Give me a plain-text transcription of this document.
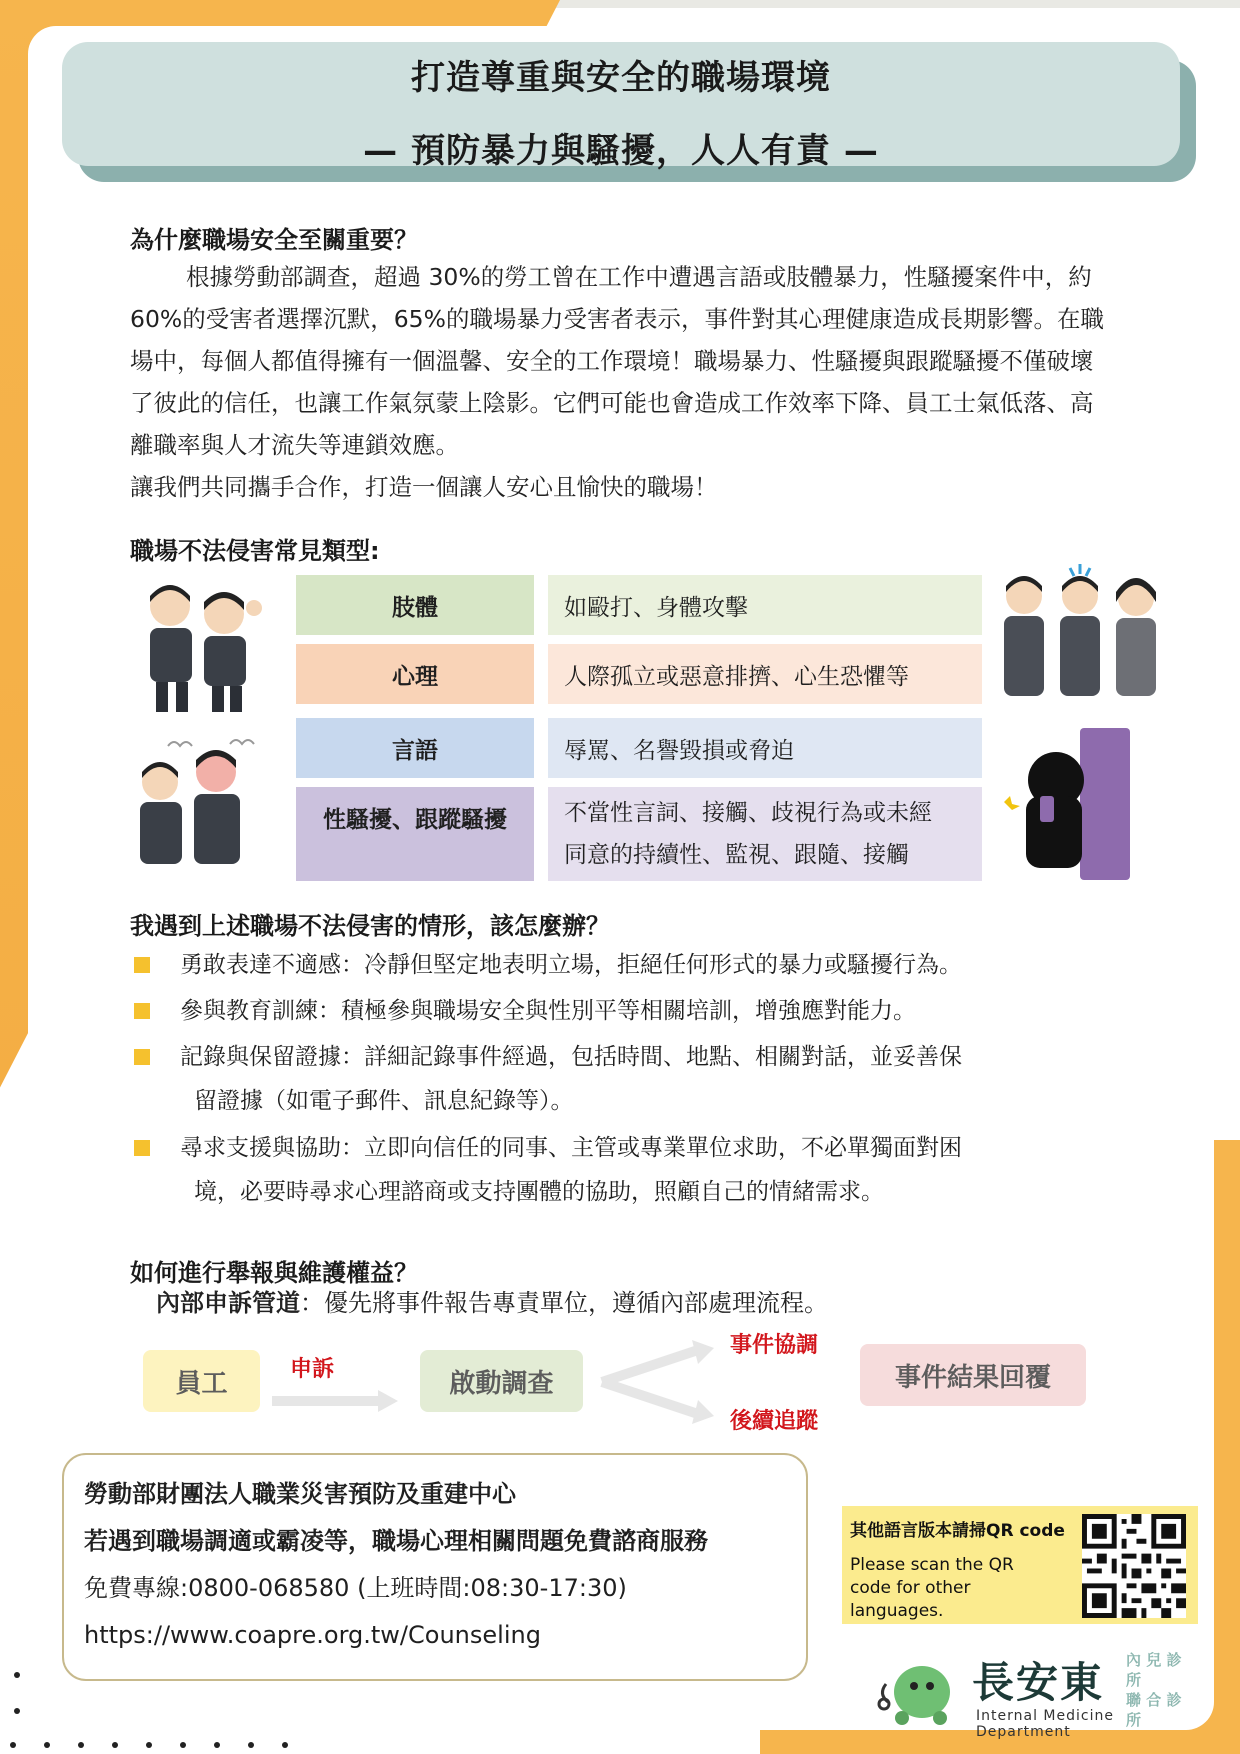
打造尊重與安全的職場環境
— 預防暴力與騷擾，人人有責 —
為什麼職場安全至關重要？
根據勞動部調查，超過 30%的勞工曾在工作中遭遇言語或肢體暴力，性騷擾案件中，約 60%的受害者選擇沉默，65%的職場暴力受害者表示，事件對其心理健康造成長期影響。在職場中，每個人都值得擁有一個溫馨、安全的工作環境！職場暴力、性騷擾與跟蹤騷擾不僅破壞了彼此的信任，也讓工作氣氛蒙上陰影。它們可能也會造成工作效率下降、員工士氣低落、高離職率與人才流失等連鎖效應。
讓我們共同攜手合作，打造一個讓人安心且愉快的職場！
職場不法侵害常見類型:
肢體	如毆打、身體攻擊
心理	人際孤立或惡意排擠、心生恐懼等
言語	辱罵、名譽毀損或脅迫
性騷擾、跟蹤騷擾	不當性言詞、接觸、歧視行為或未經
同意的持續性、監視、跟隨、接觸
我遇到上述職場不法侵害的情形，該怎麼辦？
勇敢表達不適感：冷靜但堅定地表明立場，拒絕任何形式的暴力或騷擾行為。
參與教育訓練：積極參與職場安全與性別平等相關培訓，增強應對能力。
記錄與保留證據：詳細記錄事件經過，包括時間、地點、相關對話，並妥善保
留證據（如電子郵件、訊息紀錄等）。
尋求支援與協助：立即向信任的同事、主管或專業單位求助，不必單獨面對困
境，必要時尋求心理諮商或支持團體的協助，照顧自己的情緒需求。
如何進行舉報與維護權益？
內部申訴管道：優先將事件報告專責單位，遵循內部處理流程。
員工	申訴	啟動調查
事件協調
後續追蹤
事件結果回覆
勞動部財團法人職業災害預防及重建中心
若遇到職場調適或霸凌等，職場心理相關問題免費諮商服務
免費專線:0800-068580 (上班時間:08:30-17:30)
https://www.coapre.org.tw/Counseling
其他語言版本請掃QR code
Please scan the QR code for other languages.
長安東 內 兒 診 所
聯 合 診 所
Internal Medicine Department
